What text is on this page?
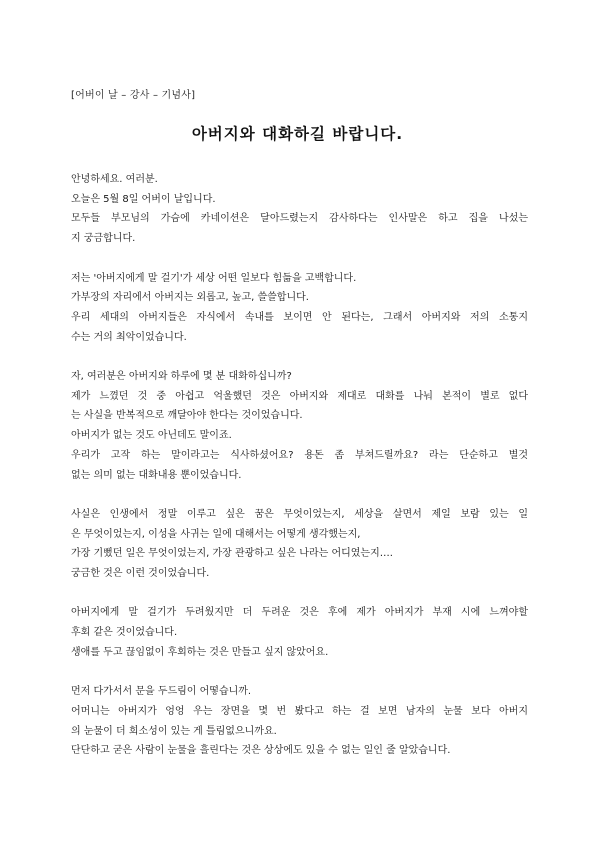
[어버이 날 – 강사 – 기념사]
아버지와 대화하길 바랍니다.
안녕하세요. 여러분.
오늘은 5월 8일 어버이 날입니다.
모두들 부모님의 가슴에 카네이션은 달아드렸는지 감사하다는 인사말은 하고 집을 나섰는
지 궁금합니다.
저는 '아버지에게 말 걸기'가 세상 어떤 일보다 힘듦을 고백합니다.
가부장의 자리에서 아버지는 외롭고, 높고, 쓸쓸합니다.
우리 세대의 아버지들은 자식에서 속내를 보이면 안 된다는, 그래서 아버지와 저의 소통지
수는 거의 최악이었습니다.
자, 여러분은 아버지와 하루에 몇 분 대화하십니까?
제가 느꼈던 것 중 아쉽고 억울했던 것은 아버지와 제대로 대화를 나눠 본적이 별로 없다
는 사실을 반복적으로 깨달아야 한다는 것이었습니다.
아버지가 없는 것도 아닌데도 말이죠.
우리가 고작 하는 말이라고는 식사하셨어요? 용돈 좀 부쳐드릴까요? 라는 단순하고 별것
없는 의미 없는 대화내용 뿐이었습니다.
사실은 인생에서 정말 이루고 싶은 꿈은 무엇이었는지, 세상을 살면서 제일 보람 있는 일
은 무엇이었는지, 이성을 사귀는 일에 대해서는 어떻게 생각했는지,
가장 기뻤던 일은 무엇이었는지, 가장 관광하고 싶은 나라는 어디였는지….
궁금한 것은 이런 것이었습니다.
아버지에게 말 걸기가 두려웠지만 더 두려운 것은 후에 제가 아버지가 부재 시에 느껴야할
후회 같은 것이었습니다.
생애를 두고 끊임없이 후회하는 것은 만들고 싶지 않았어요.
먼저 다가서서 문을 두드림이 어떻습니까.
어머니는 아버지가 엉엉 우는 장면을 몇 번 봤다고 하는 걸 보면 남자의 눈물 보다 아버지
의 눈물이 더 희소성이 있는 게 틀림없으니까요.
단단하고 굳은 사람이 눈물을 흘린다는 것은 상상에도 있을 수 없는 일인 줄 알았습니다.
